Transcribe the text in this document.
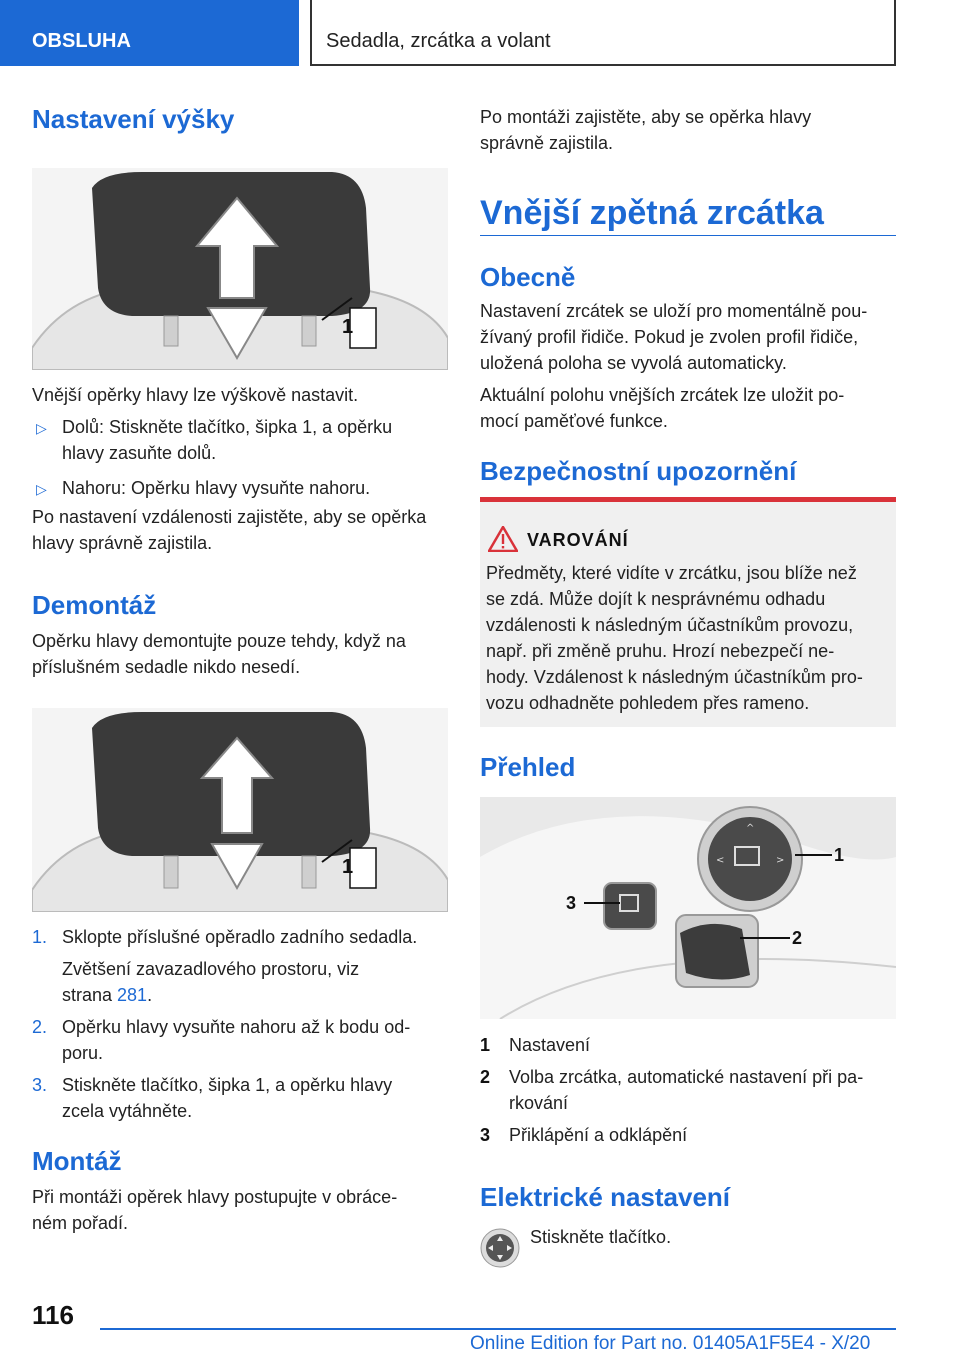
OBSLUHA	Sedadla, zrcátka a volant
Nastavení výšky
1
Vnější opěrky hlavy lze výškově nastavit.
▷ Dolů: Stiskněte tlačítko, šipka 1, a opěrku
hlavy zasuňte dolů.
▷ Nahoru: Opěrku hlavy vysuňte nahoru.
Po nastavení vzdálenosti zajistěte, aby se opěrka
hlavy správně zajistila.
Demontáž
Opěrku hlavy demontujte pouze tehdy, když na
příslušném sedadle nikdo nesedí.
1
1. Sklopte příslušné opěradlo zadního sedadla.
Zvětšení zavazadlového prostoru, viz
strana 281.
2. Opěrku hlavy vysuňte nahoru až k bodu od-
poru.
3. Stiskněte tlačítko, šipka 1, a opěrku hlavy
zcela vytáhněte.
Montáž
Při montáži opěrek hlavy postupujte v obráce-
ném pořadí.
Po montáži zajistěte, aby se opěrka hlavy
správně zajistila.
Vnější zpětná zrcátka
Obecně
Nastavení zrcátek se uloží pro momentálně pou-
žívaný profil řidiče. Pokud je zvolen profil řidiče,
uložená poloha se vyvolá automaticky.
Aktuální polohu vnějších zrcátek lze uložit po-
mocí paměťové funkce.
Bezpečnostní upozornění
VAROVÁNÍ
Předměty, které vidíte v zrcátku, jsou blíže než
se zdá. Může dojít k nesprávnému odhadu
vzdálenosti k následným účastníkům provozu,
např. při změně pruhu. Hrozí nebezpečí ne-
hody. Vzdálenost k následným účastníkům pro-
vozu odhadněte pohledem přes rameno.
Přehled
^
<	>	1
2
3
1 Nastavení
2 Volba zrcátka, automatické nastavení při pa-
rkování
3 Přiklápění a odklápění
Elektrické nastavení
Stiskněte tlačítko.
116
Online Edition for Part no. 01405A1F5E4 - X/20
